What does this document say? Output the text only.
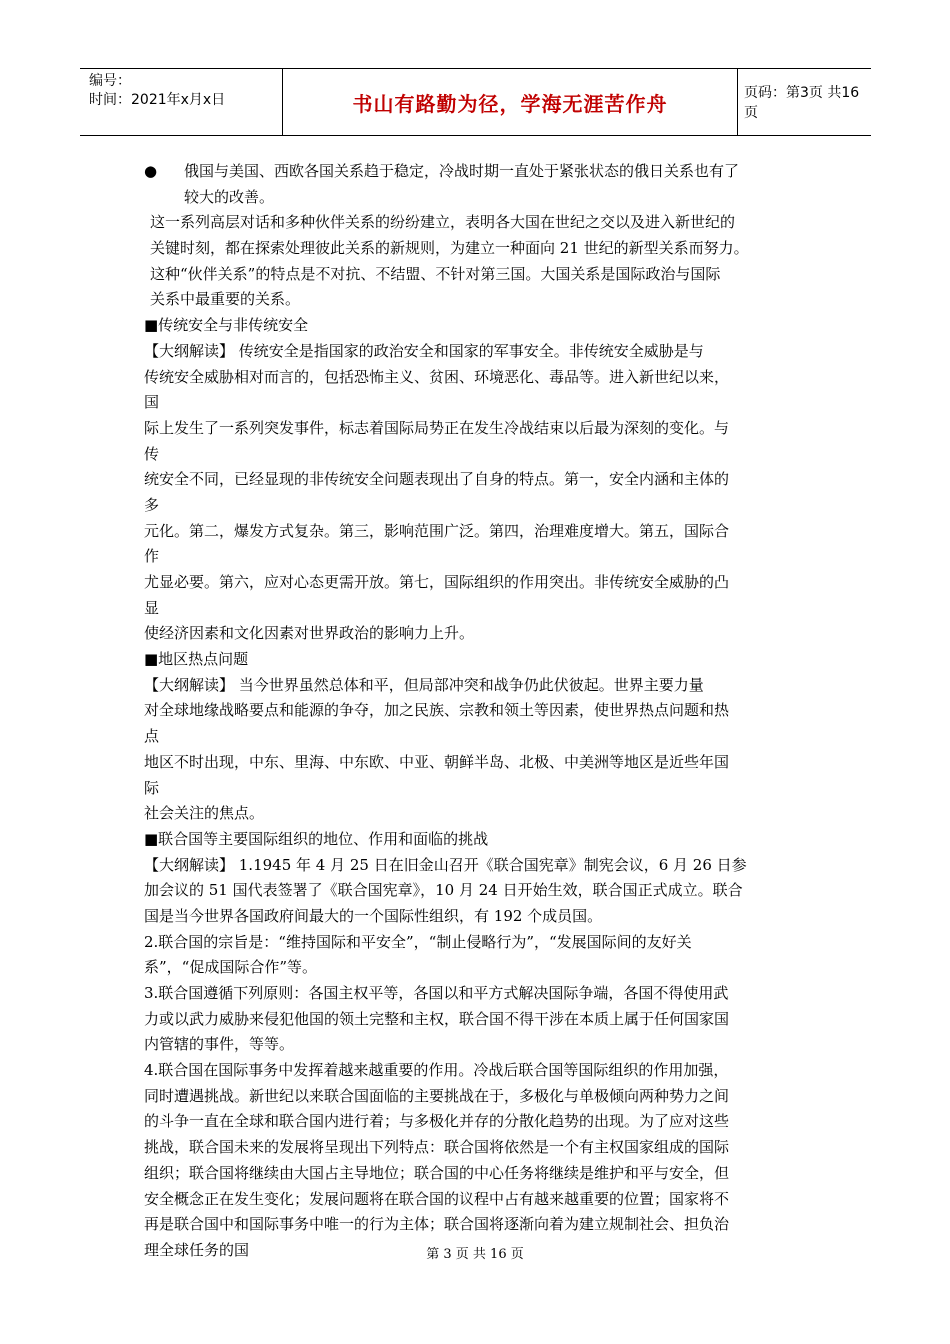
编号：
时间：2021年x月x日	书山有路勤为径，学海无涯苦作舟	页码：第3页 共16页
● 俄国与美国、西欧各国关系趋于稳定，冷战时期一直处于紧张状态的俄日关系也有了
较大的改善。
这一系列高层对话和多种伙伴关系的纷纷建立，表明各大国在世纪之交以及进入新世纪的
关键时刻，都在探索处理彼此关系的新规则，为建立一种面向 21 世纪的新型关系而努力。
这种“伙伴关系”的特点是不对抗、不结盟、不针对第三国。大国关系是国际政治与国际
关系中最重要的关系。
■传统安全与非传统安全
【大纲解读】 传统安全是指国家的政治安全和国家的军事安全。非传统安全威胁是与
传统安全威胁相对而言的，包括恐怖主义、贫困、环境恶化、毒品等。进入新世纪以来，
国
际上发生了一系列突发事件，标志着国际局势正在发生冷战结束以后最为深刻的变化。与
传
统安全不同，已经显现的非传统安全问题表现出了自身的特点。第一，安全内涵和主体的
多
元化。第二，爆发方式复杂。第三，影响范围广泛。第四，治理难度增大。第五，国际合
作
尤显必要。第六，应对心态更需开放。第七，国际组织的作用突出。非传统安全威胁的凸
显
使经济因素和文化因素对世界政治的影响力上升。
■地区热点问题
【大纲解读】 当今世界虽然总体和平，但局部冲突和战争仍此伏彼起。世界主要力量
对全球地缘战略要点和能源的争夺，加之民族、宗教和领土等因素，使世界热点问题和热
点
地区不时出现，中东、里海、中东欧、中亚、朝鲜半岛、北极、中美洲等地区是近些年国
际
社会关注的焦点。
■联合国等主要国际组织的地位、作用和面临的挑战
【大纲解读】 1.1945 年 4 月 25 日在旧金山召开《联合国宪章》制宪会议，6 月 26 日参
加会议的 51 国代表签署了《联合国宪章》，10 月 24 日开始生效，联合国正式成立。联合
国是当今世界各国政府间最大的一个国际性组织，有 192 个成员国。
2.联合国的宗旨是：“维持国际和平安全”，“制止侵略行为”，“发展国际间的友好关
系”，“促成国际合作”等。
3.联合国遵循下列原则：各国主权平等，各国以和平方式解决国际争端，各国不得使用武
力或以武力威胁来侵犯他国的领土完整和主权，联合国不得干涉在本质上属于任何国家国
内管辖的事件，等等。
4.联合国在国际事务中发挥着越来越重要的作用。冷战后联合国等国际组织的作用加强，
同时遭遇挑战。新世纪以来联合国面临的主要挑战在于，多极化与单极倾向两种势力之间
的斗争一直在全球和联合国内进行着；与多极化并存的分散化趋势的出现。为了应对这些
挑战，联合国未来的发展将呈现出下列特点：联合国将依然是一个有主权国家组成的国际
组织；联合国将继续由大国占主导地位；联合国的中心任务将继续是维护和平与安全，但
安全概念正在发生变化；发展问题将在联合国的议程中占有越来越重要的位置；国家将不
再是联合国中和国际事务中唯一的行为主体；联合国将逐渐向着为建立规制社会、担负治
理全球任务的国	第 3 页 共 16 页
